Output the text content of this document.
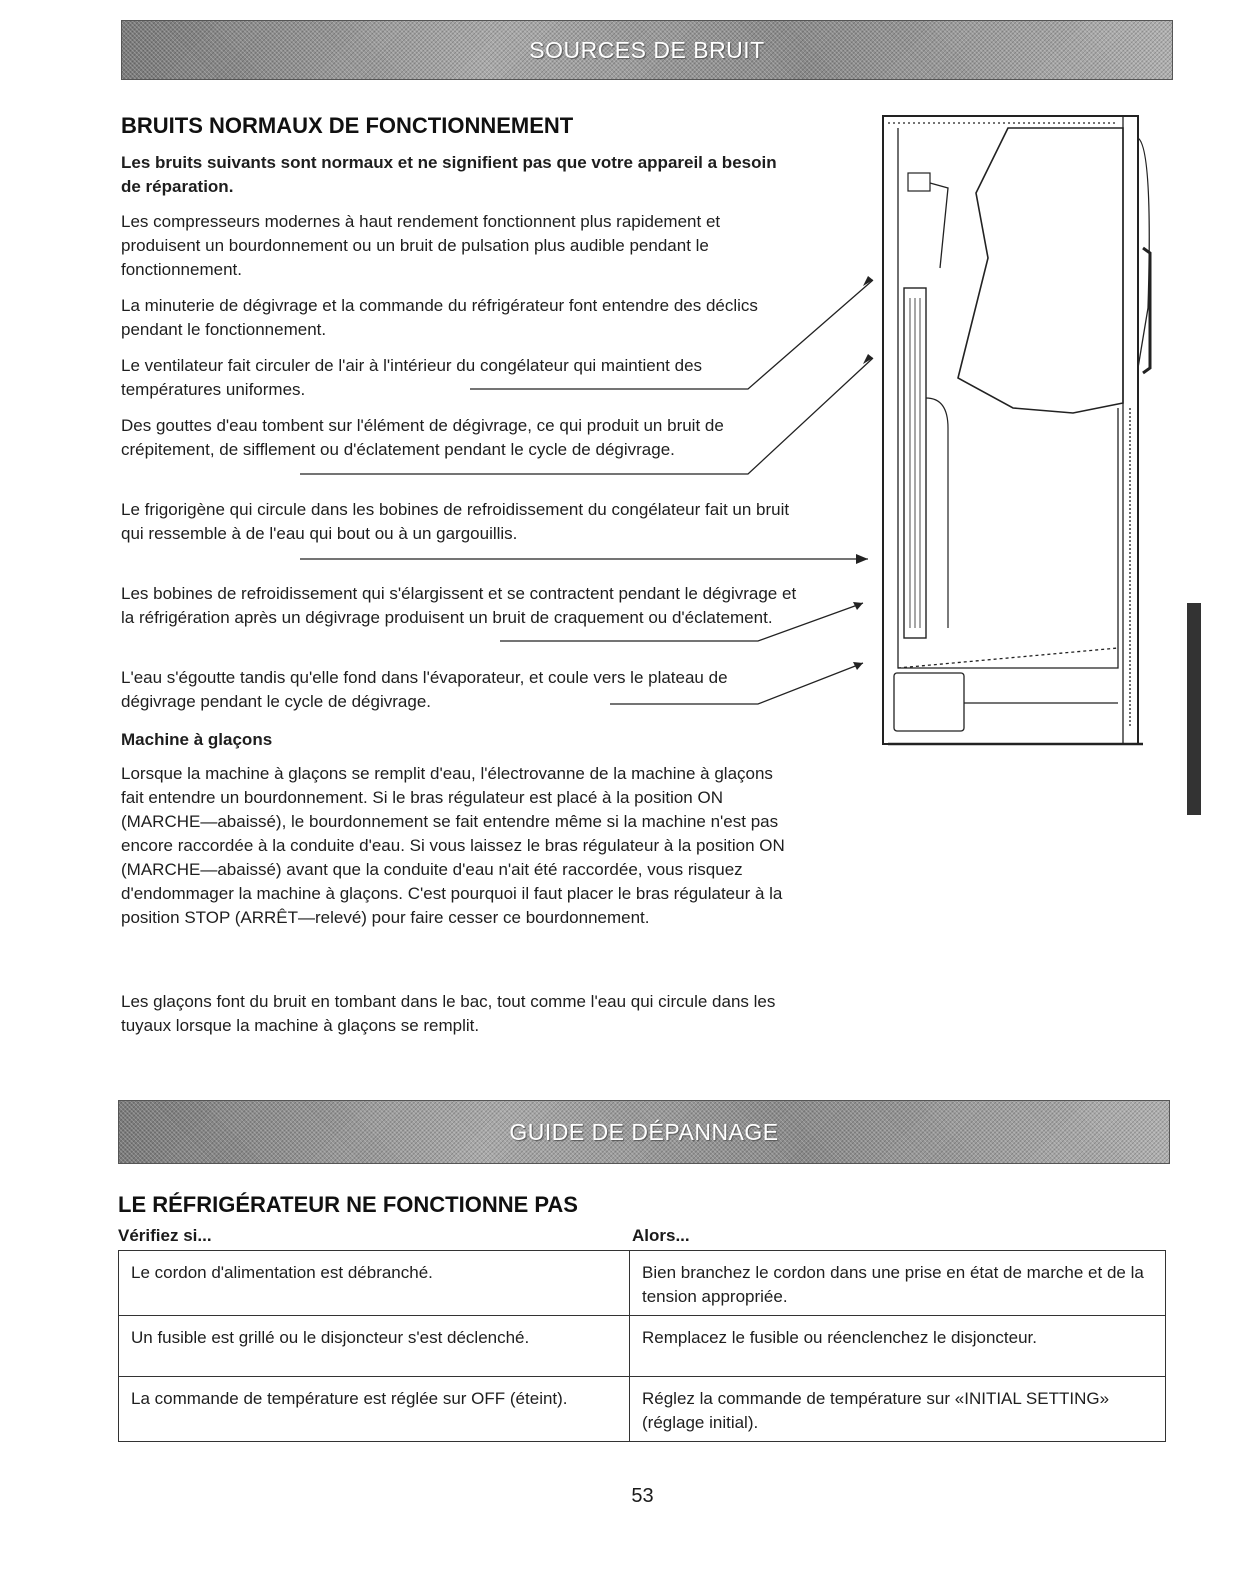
SOURCES DE BRUIT
BRUITS NORMAUX DE FONCTIONNEMENT

Les bruits suivants sont normaux et ne signifient pas que votre appareil a besoin de réparation.

Les compresseurs modernes à haut rendement fonctionnent plus rapidement et produisent un bourdonnement ou un bruit de pulsation plus audible pendant le fonctionnement.

La minuterie de dégivrage et la commande du réfrigérateur font entendre des déclics pendant le fonctionnement.

Le ventilateur fait circuler de l'air à l'intérieur du congélateur qui maintient des températures uniformes.

Des gouttes d'eau tombent sur l'élément de dégivrage, ce qui produit un bruit de crépitement, de sifflement ou d'éclatement pendant le cycle de dégivrage.

Le frigorigène qui circule dans les bobines de refroidissement du congélateur fait un bruit qui ressemble à de l'eau qui bout ou à un gargouillis.

Les bobines de refroidissement qui s'élargissent et se contractent pendant le dégivrage et la réfrigération après un dégivrage produisent un bruit de craquement ou d'éclatement.

L'eau s'égoutte tandis qu'elle fond dans l'évaporateur, et coule vers le plateau de dégivrage pendant le cycle de dégivrage.

Machine à glaçons

Lorsque la machine à glaçons se remplit d'eau, l'électrovanne de la machine à glaçons fait entendre un bourdonnement. Si le bras régulateur est placé à la position ON (MARCHE—abaissé), le bourdonnement se fait entendre même si la machine n'est pas encore raccordée à la conduite d'eau. Si vous laissez le bras régulateur à la position ON (MARCHE—abaissé) avant que la conduite d'eau n'ait été raccordée, vous risquez d'endommager la machine à glaçons. C'est pourquoi il faut placer le bras régulateur à la position STOP (ARRÊT—relevé) pour faire cesser ce bourdonnement.

Les glaçons font du bruit en tombant dans le bac, tout comme l'eau qui circule dans les tuyaux lorsque la machine à glaçons se remplit.

GUIDE DE DÉPANNAGE
LE RÉFRIGÉRATEUR NE FONCTIONNE PAS
Vérifiez si...	Alors...
Le cordon d'alimentation est débranché.	Bien branchez le cordon dans une prise en état de marche et de la tension appropriée.
Un fusible est grillé ou le disjoncteur s'est déclenché.	Remplacez le fusible ou réenclenchez le disjoncteur.
La commande de température est réglée sur OFF (éteint).	Réglez la commande de température sur «INITIAL SETTING» (réglage initial).
53
